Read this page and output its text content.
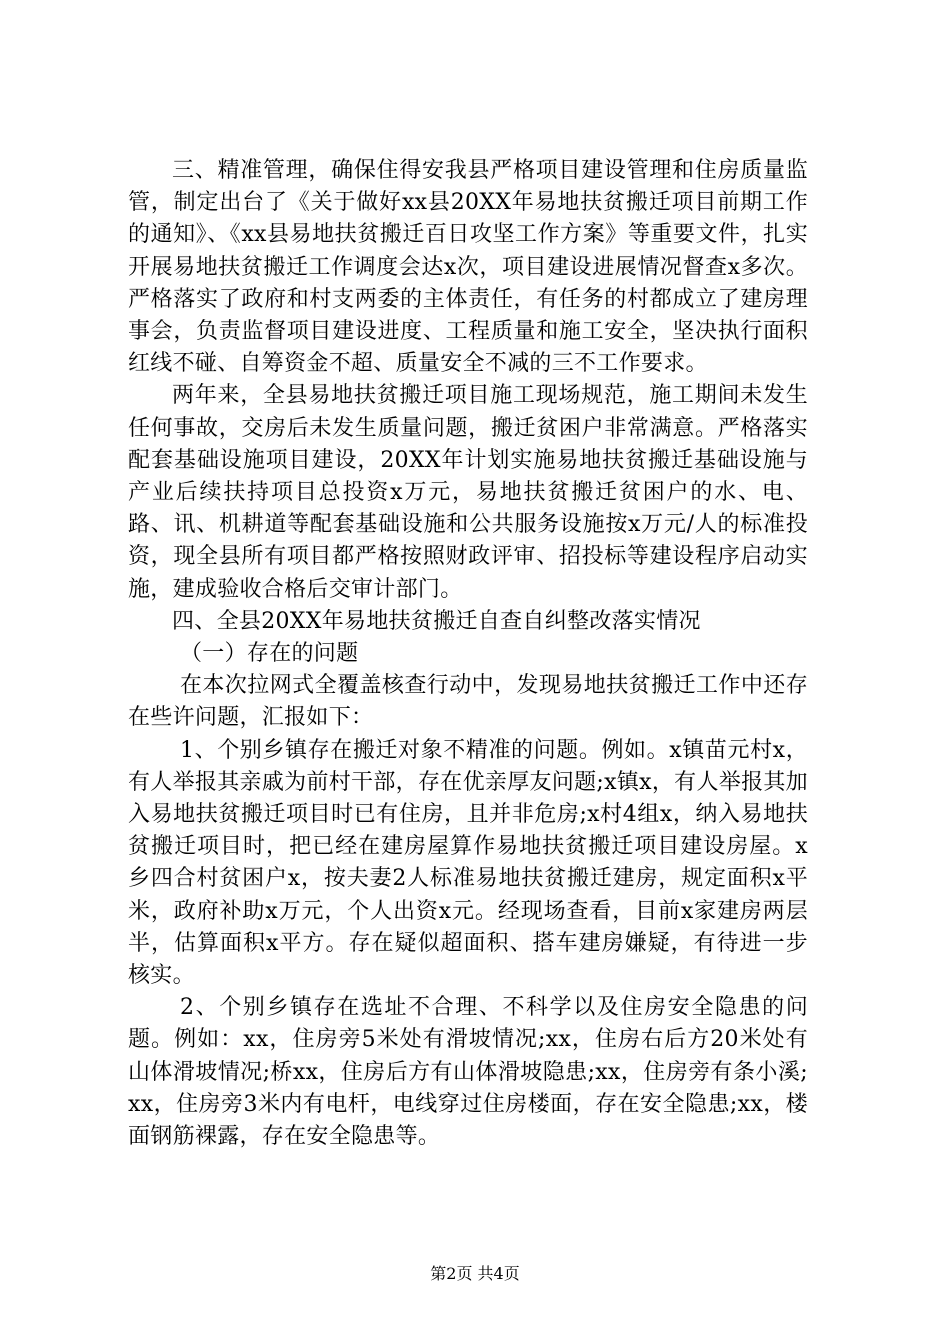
三、精准管理，确保住得安我县严格项目建设管理和住房质量监管，制定出台了《关于做好xx县20XX年易地扶贫搬迁项目前期工作的通知》、《xx县易地扶贫搬迁百日攻坚工作方案》等重要文件，扎实开展易地扶贫搬迁工作调度会达x次，项目建设进展情况督查x多次。严格落实了政府和村支两委的主体责任，有任务的村都成立了建房理事会，负责监督项目建设进度、工程质量和施工安全，坚决执行面积红线不碰、自筹资金不超、质量安全不减的三不工作要求。

两年来，全县易地扶贫搬迁项目施工现场规范，施工期间未发生任何事故，交房后未发生质量问题，搬迁贫困户非常满意。严格落实配套基础设施项目建设，20XX年计划实施易地扶贫搬迁基础设施与产业后续扶持项目总投资x万元，易地扶贫搬迁贫困户的水、电、路、讯、机耕道等配套基础设施和公共服务设施按x万元/人的标准投资，现全县所有项目都严格按照财政评审、招投标等建设程序启动实施，建成验收合格后交审计部门。

四、全县20XX年易地扶贫搬迁自查自纠整改落实情况

（一）存在的问题

在本次拉网式全覆盖核查行动中，发现易地扶贫搬迁工作中还存在些许问题，汇报如下：

1、个别乡镇存在搬迁对象不精准的问题。例如。x镇苗元村x，有人举报其亲戚为前村干部，存在优亲厚友问题;x镇x，有人举报其加入易地扶贫搬迁项目时已有住房，且并非危房;x村4组x，纳入易地扶贫搬迁项目时，把已经在建房屋算作易地扶贫搬迁项目建设房屋。x乡四合村贫困户x，按夫妻2人标准易地扶贫搬迁建房，规定面积x平米，政府补助x万元，个人出资x元。经现场查看，目前x家建房两层半，估算面积x平方。存在疑似超面积、搭车建房嫌疑，有待进一步核实。

2、个别乡镇存在选址不合理、不科学以及住房安全隐患的问题。例如：xx，住房旁5米处有滑坡情况;xx，住房右后方20米处有山体滑坡情况;桥xx，住房后方有山体滑坡隐患;xx，住房旁有条小溪;xx，住房旁3米内有电杆，电线穿过住房楼面，存在安全隐患;xx，楼面钢筋裸露，存在安全隐患等。

第2页 共4页
